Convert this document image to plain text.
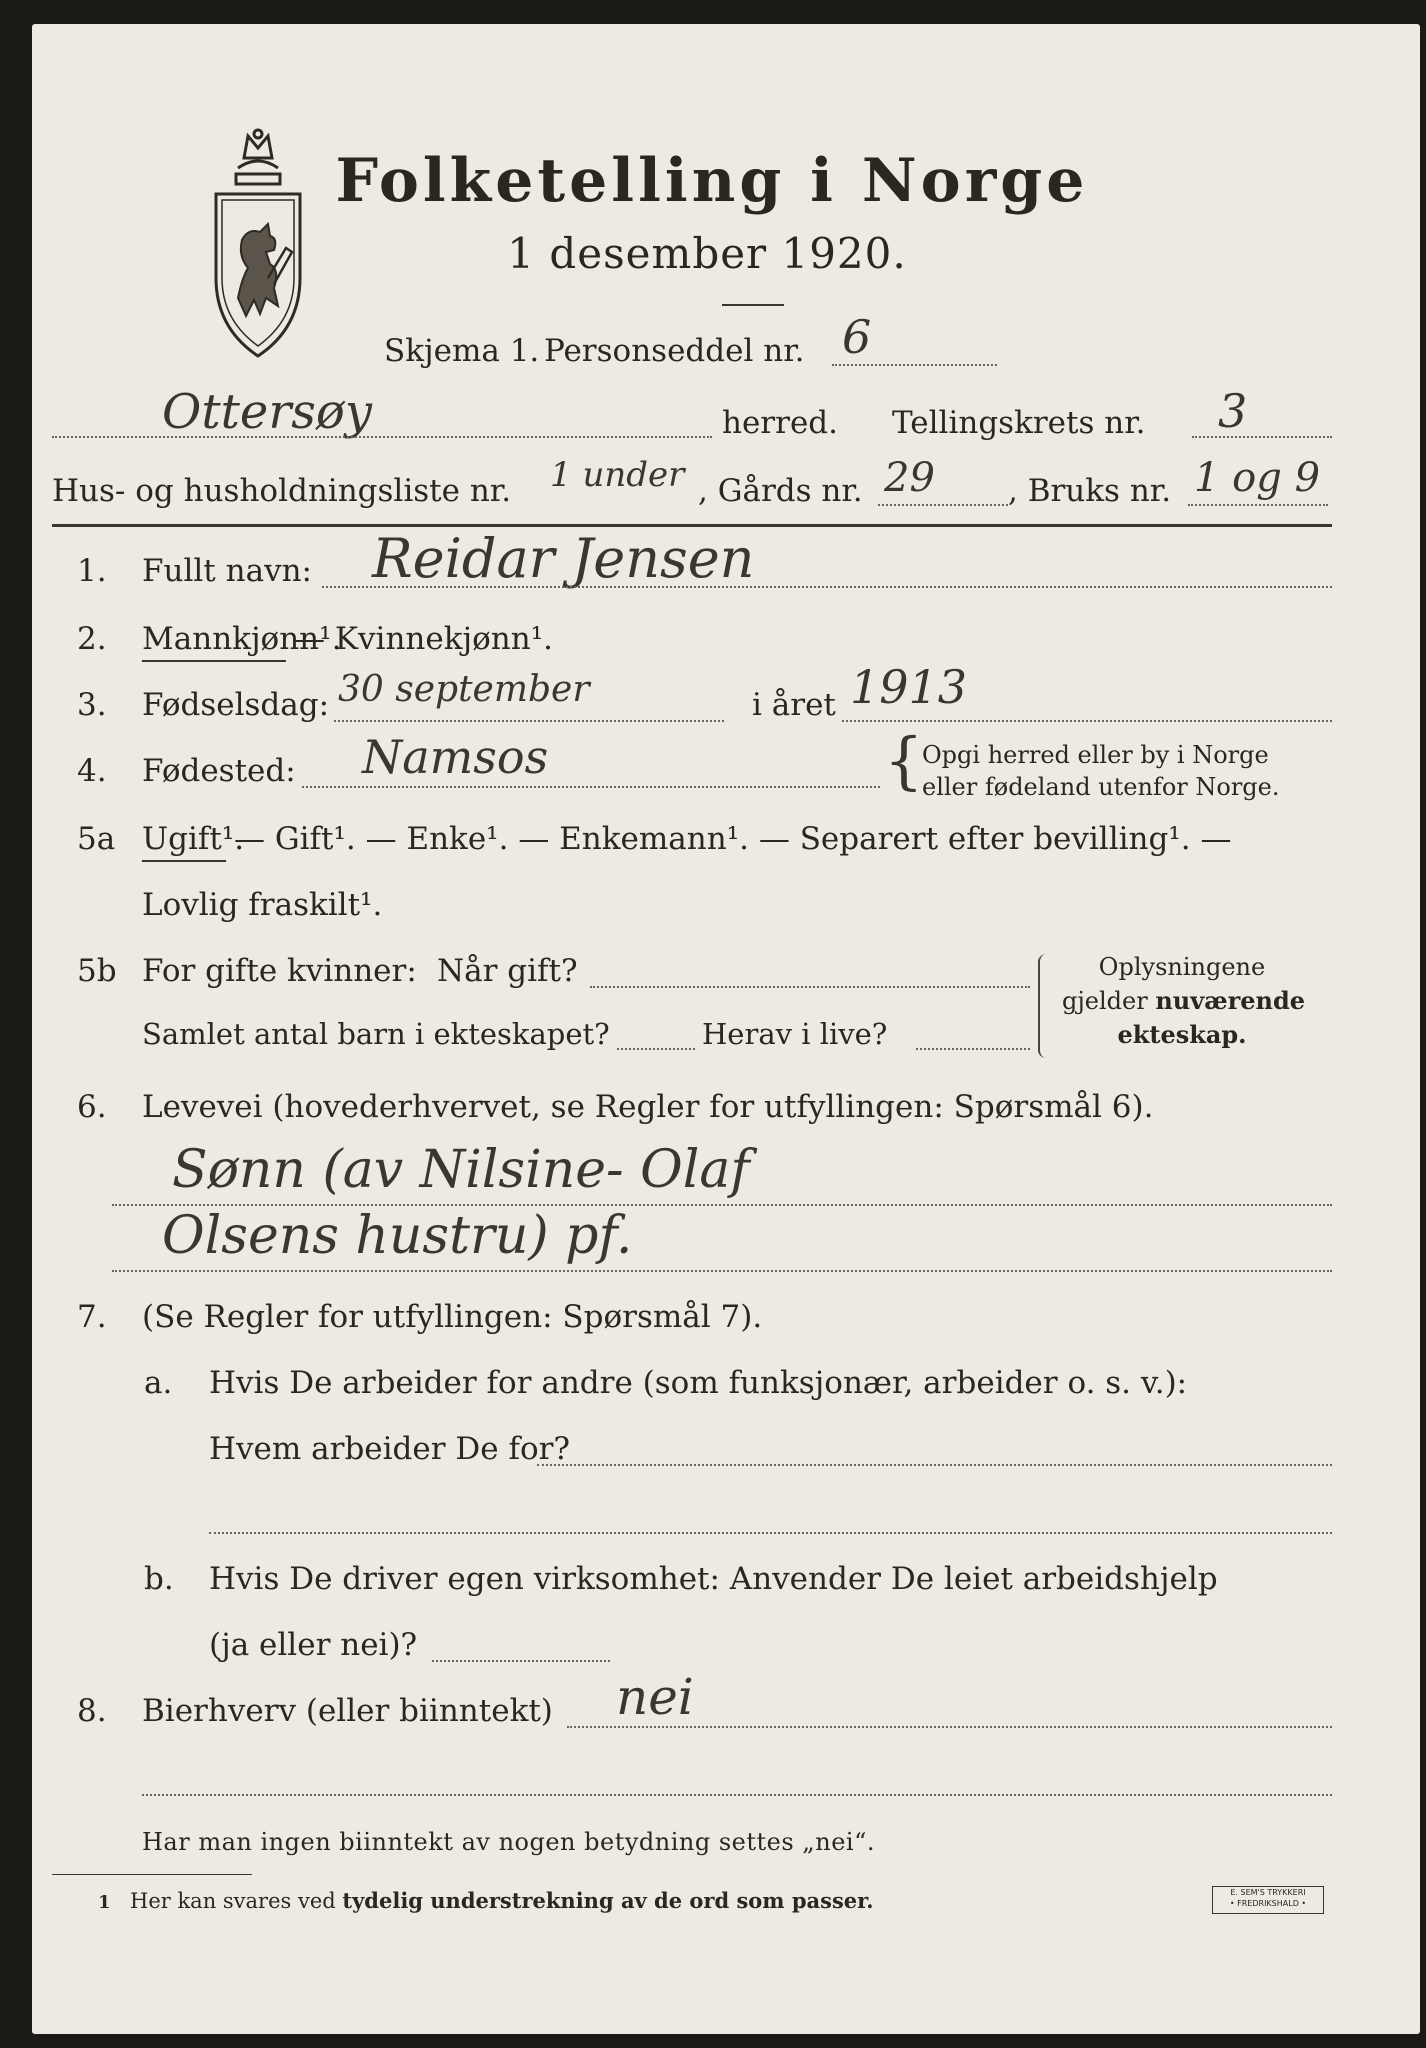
Folketelling i Norge
1 desember 1920.
Skjema 1. Personseddel nr. 6
Ottersøy	herred. Tellingskrets nr. 3
Hus- og husholdningsliste nr. 1 under , Gårds nr. 29 , Bruks nr. 1 og 9
1. Fullt navn: Reidar Jensen
2. Mannkjønn¹.
— Kvinnekjønn¹.
3. Fødselsdag: 30 september	i året 1913
4. Fødested: Namsos	{
Opgi herred eller by i Norge
eller fødeland utenfor Norge.
5a Ugift¹.
— Gift¹. — Enke¹. — Enkemann¹. — Separert efter bevilling¹. —
Lovlig fraskilt¹.
5b For gifte kvinner: Når gift?
Samlet antal barn i ekteskapet?	Herav i live?
Oplysningene
gjelder nuværende
ekteskap.
6. Levevei (hovederhvervet, se Regler for utfyllingen: Spørsmål 6).
Sønn (av Nilsine- Olaf
Olsens hustru) pf.
7. (Se Regler for utfyllingen: Spørsmål 7).
a. Hvis De arbeider for andre (som funksjonær, arbeider o. s. v.):
Hvem arbeider De for?
b. Hvis De driver egen virksomhet: Anvender De leiet arbeidshjelp
(ja eller nei)?
8. Bierhverv (eller biinntekt) nei
Har man ingen biinntekt av nogen betydning settes „nei“.
1 Her kan svares ved tydelig understrekning av de ord som passer.	E. SEM'S TRYKKERI
• FREDRIKSHALD •
